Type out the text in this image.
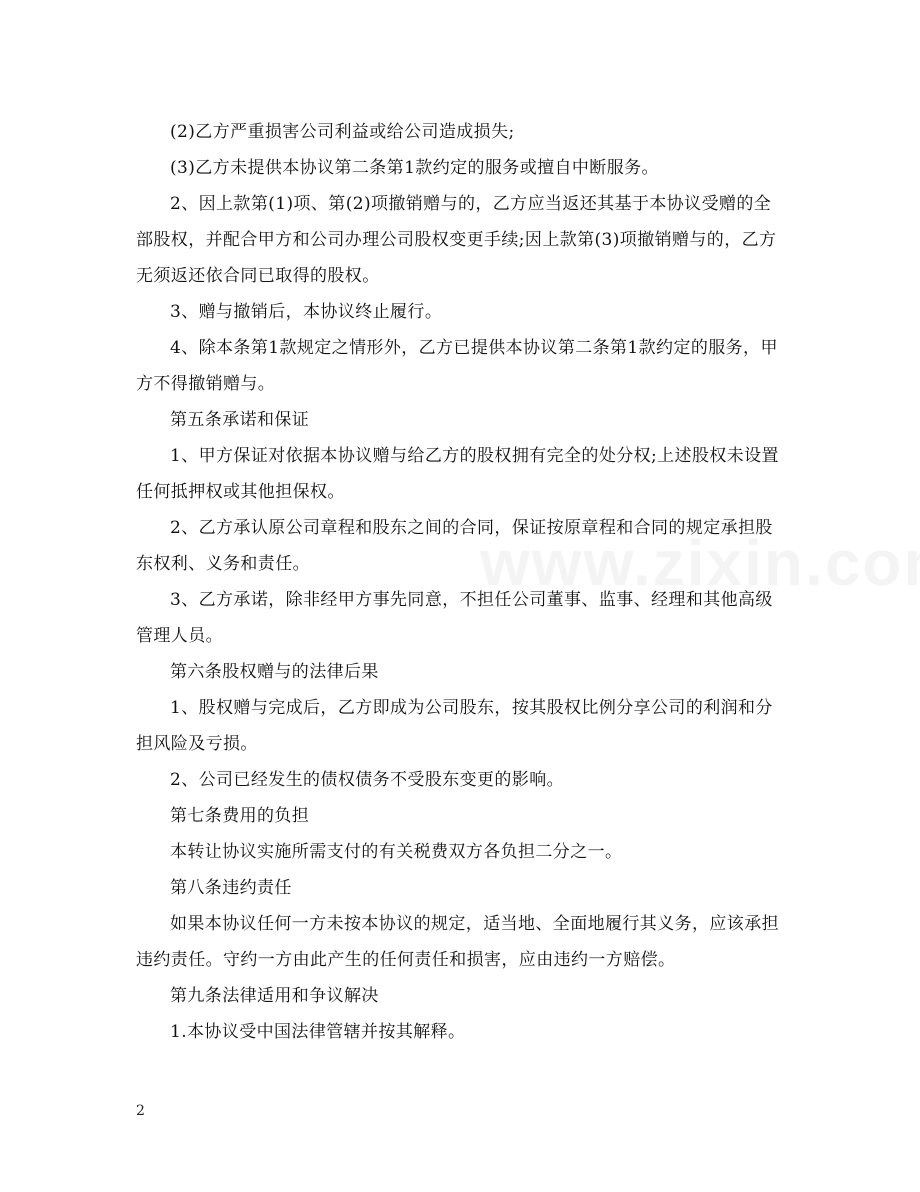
(2)乙方严重损害公司利益或给公司造成损失;

(3)乙方未提供本协议第二条第1款约定的服务或擅自中断服务。

2、因上款第(1)项、第(2)项撤销赠与的，乙方应当返还其基于本协议受赠的全部股权，并配合甲方和公司办理公司股权变更手续;因上款第(3)项撤销赠与的，乙方无须返还依合同已取得的股权。

3、赠与撤销后，本协议终止履行。

4、除本条第1款规定之情形外，乙方已提供本协议第二条第1款约定的服务，甲方不得撤销赠与。

第五条承诺和保证

1、甲方保证对依据本协议赠与给乙方的股权拥有完全的处分权;上述股权未设置任何抵押权或其他担保权。

2、乙方承认原公司章程和股东之间的合同，保证按原章程和合同的规定承担股东权利、义务和责任。

3、乙方承诺，除非经甲方事先同意，不担任公司董事、监事、经理和其他高级管理人员。

第六条股权赠与的法律后果

1、股权赠与完成后，乙方即成为公司股东，按其股权比例分享公司的利润和分担风险及亏损。

2、公司已经发生的债权债务不受股东变更的影响。

第七条费用的负担

本转让协议实施所需支付的有关税费双方各负担二分之一。

第八条违约责任

如果本协议任何一方未按本协议的规定，适当地、全面地履行其义务，应该承担违约责任。守约一方由此产生的任何责任和损害，应由违约一方赔偿。

第九条法律适用和争议解决

1.本协议受中国法律管辖并按其解释。

2
